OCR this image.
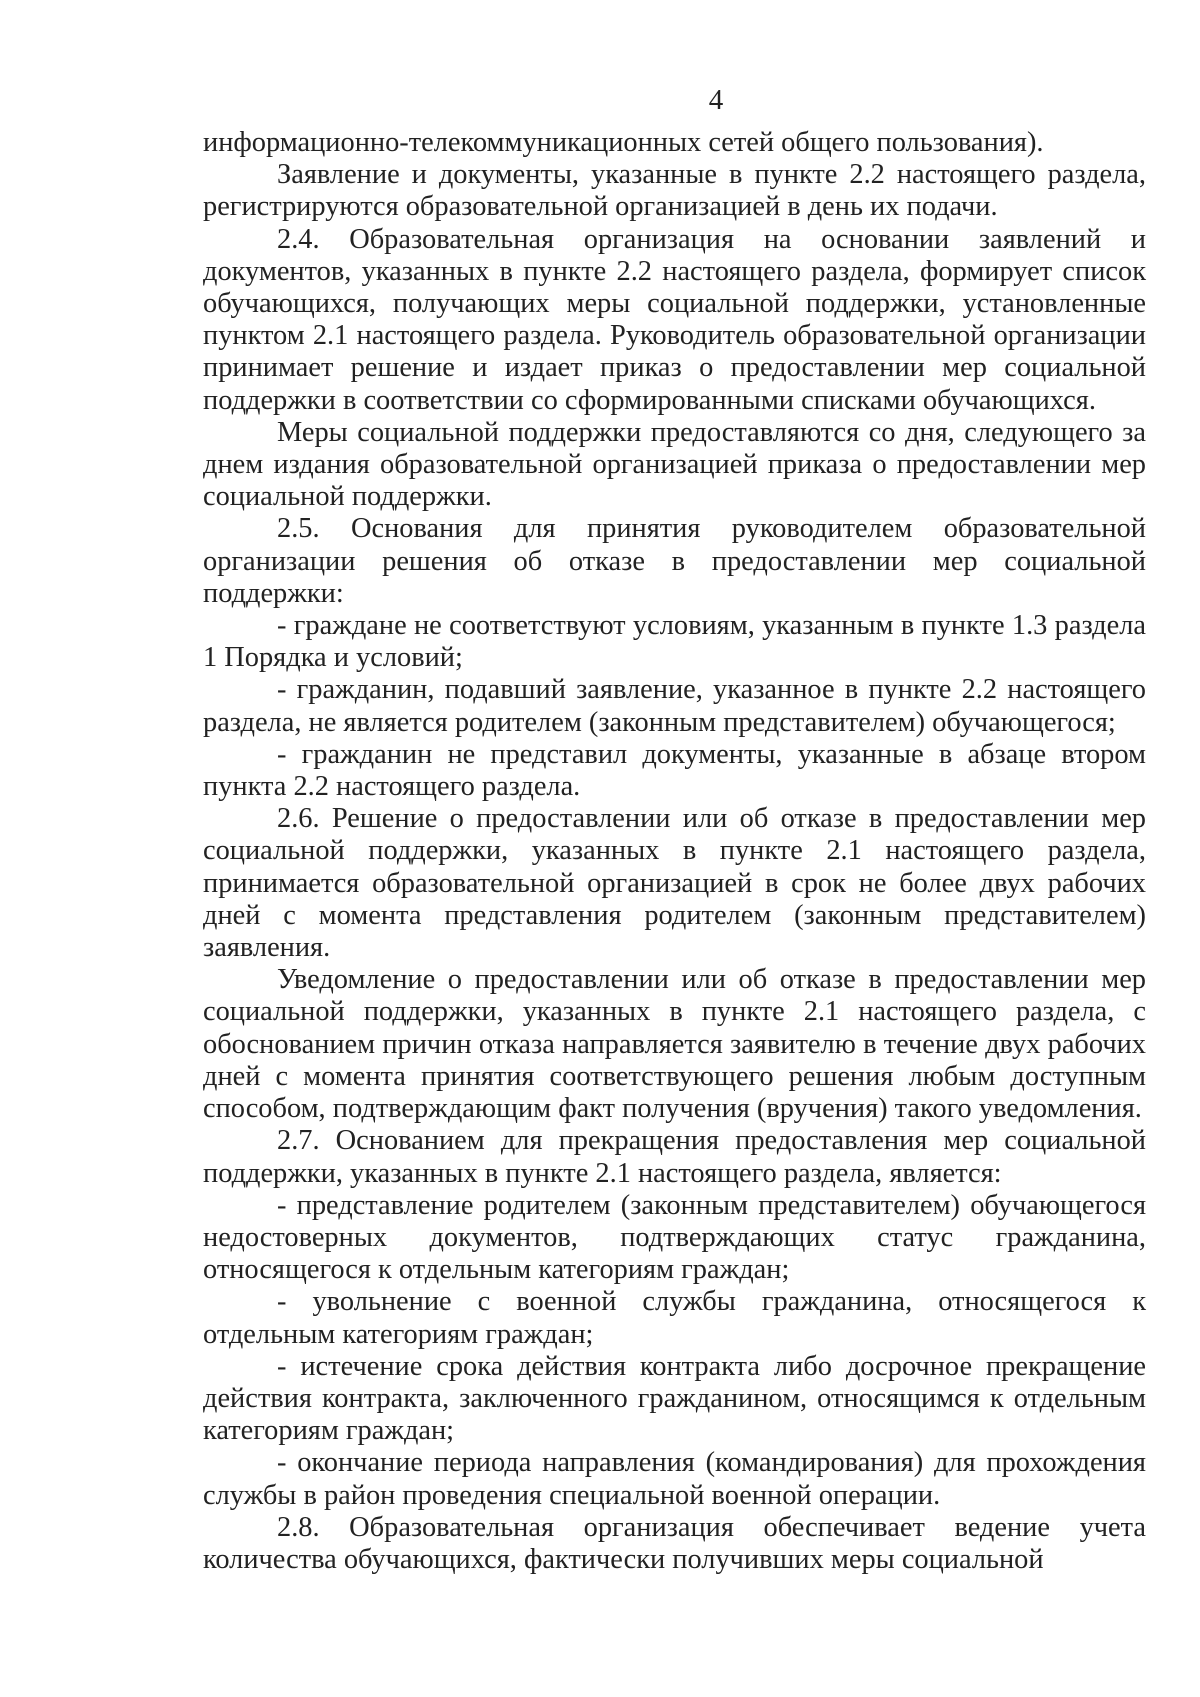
4

информационно-телекоммуникационных сетей общего пользования).

Заявление и документы, указанные в пункте 2.2 настоящего раздела, регистрируются образовательной организацией в день их подачи.

2.4. Образовательная организация на основании заявлений и документов, указанных в пункте 2.2 настоящего раздела, формирует список обучающихся, получающих меры социальной поддержки, установленные пунктом 2.1 настоящего раздела. Руководитель образовательной организации принимает решение и издает приказ о предоставлении мер социальной поддержки в соответствии со сформированными списками обучающихся.

Меры социальной поддержки предоставляются со дня, следующего за днем издания образовательной организацией приказа о предоставлении мер социальной поддержки.

2.5. Основания для принятия руководителем образовательной организации решения об отказе в предоставлении мер социальной поддержки:

- граждане не соответствуют условиям, указанным в пункте 1.3 раздела 1 Порядка и условий;

- гражданин, подавший заявление, указанное в пункте 2.2 настоящего раздела, не является родителем (законным представителем) обучающегося;

- гражданин не представил документы, указанные в абзаце втором пункта 2.2 настоящего раздела.

2.6. Решение о предоставлении или об отказе в предоставлении мер социальной поддержки, указанных в пункте 2.1 настоящего раздела, принимается образовательной организацией в срок не более двух рабочих дней с момента представления родителем (законным представителем) заявления.

Уведомление о предоставлении или об отказе в предоставлении мер социальной поддержки, указанных в пункте 2.1 настоящего раздела, с обоснованием причин отказа направляется заявителю в течение двух рабочих дней с момента принятия соответствующего решения любым доступным способом, подтверждающим факт получения (вручения) такого уведомления.

2.7. Основанием для прекращения предоставления мер социальной поддержки, указанных в пункте 2.1 настоящего раздела, является:

- представление родителем (законным представителем) обучающегося недостоверных документов, подтверждающих статус гражданина, относящегося к отдельным категориям граждан;

- увольнение с военной службы гражданина, относящегося к отдельным категориям граждан;

- истечение срока действия контракта либо досрочное прекращение действия контракта, заключенного гражданином, относящимся к отдельным категориям граждан;

- окончание периода направления (командирования) для прохождения службы в район проведения специальной военной операции.

2.8. Образовательная организация обеспечивает ведение учета количества обучающихся, фактически получивших меры социальной
